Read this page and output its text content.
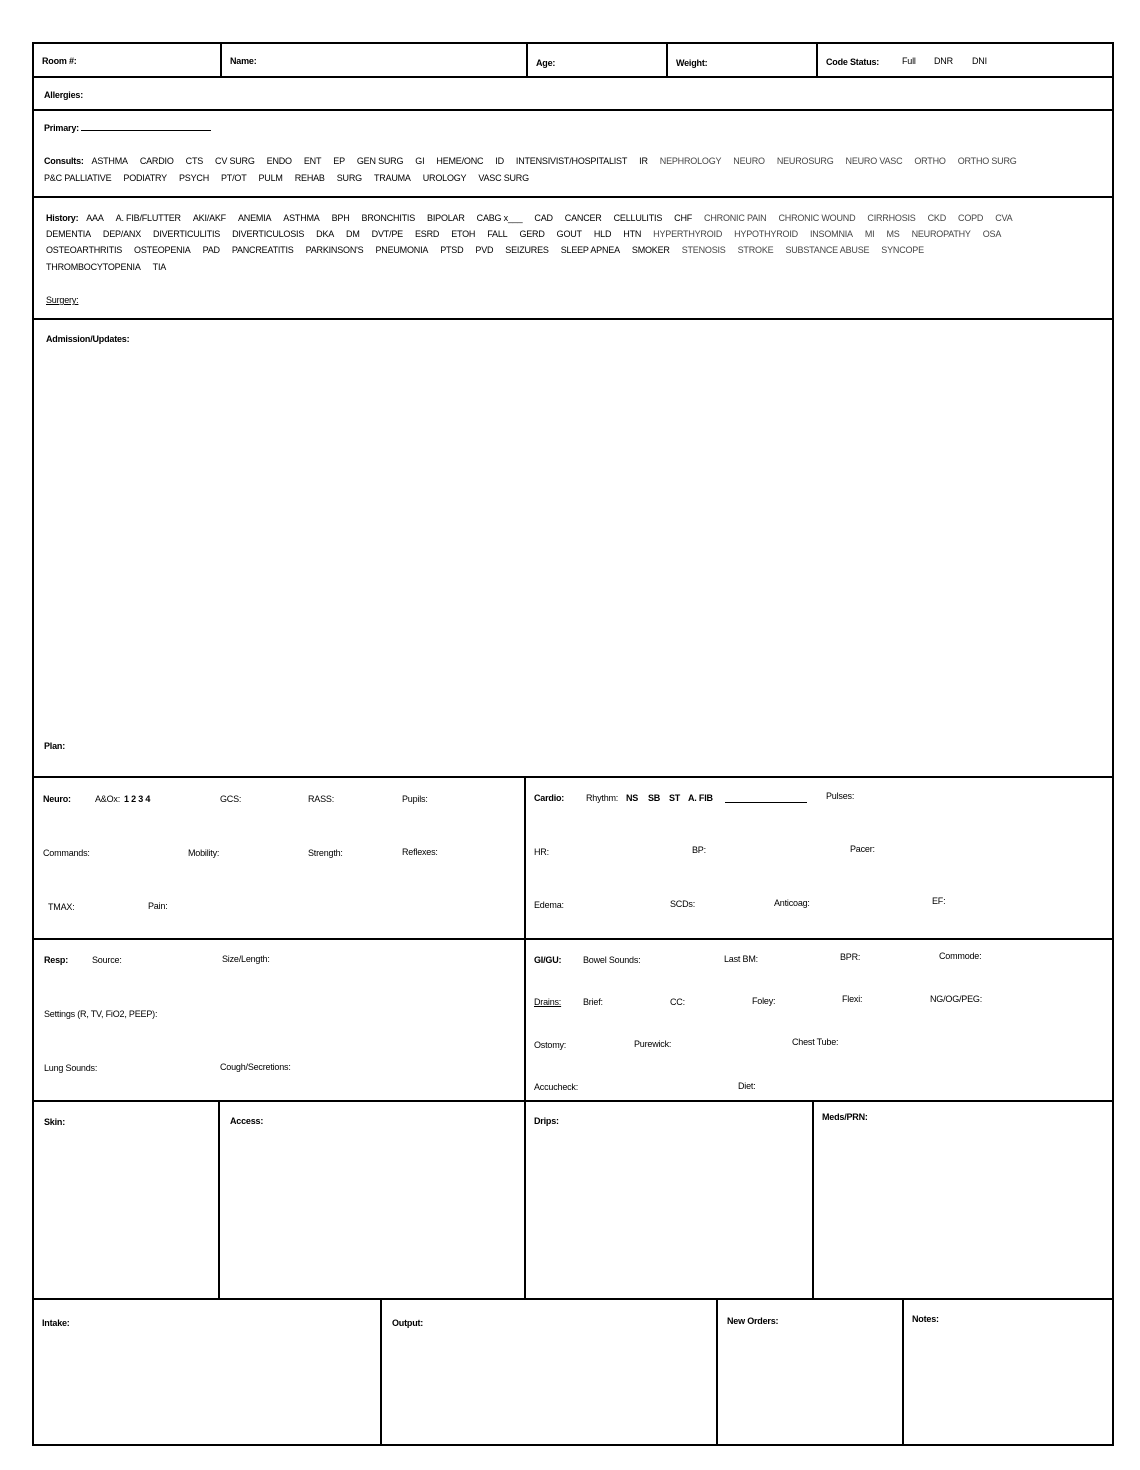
Room #:	Name:	Age:	Weight:	Code Status:	Full DNR DNI
Allergies:
Primary:
Consults: ASTHMA CARDIO CTS CV SURG ENDO ENT EP GEN SURG GI HEME/ONC ID INTENSIVIST/HOSPITALIST IR NEPHROLOGY NEURO NEUROSURG NEURO VASC ORTHO ORTHO SURG
P&C PALLIATIVE PODIATRY PSYCH PT/OT PULM REHAB SURG TRAUMA UROLOGY VASC SURG
History: AAA A. FIB/FLUTTER AKI/AKF ANEMIA ASTHMA BPH BRONCHITIS BIPOLAR CABG x___ CAD CANCER CELLULITIS CHF CHRONIC PAIN CHRONIC WOUND CIRRHOSIS CKD COPD CVA
DEMENTIA DEP/ANX DIVERTICULITIS DIVERTICULOSIS DKA DM DVT/PE ESRD ETOH FALL GERD GOUT HLD HTN HYPERTHYROID HYPOTHYROID INSOMNIA MI MS NEUROPATHY OSA
OSTEOARTHRITIS OSTEOPENIA PAD PANCREATITIS PARKINSON'S PNEUMONIA PTSD PVD SEIZURES SLEEP APNEA SMOKER STENOSIS STROKE SUBSTANCE ABUSE SYNCOPE
THROMBOCYTOPENIA TIA
Surgery:
Admission/Updates:
Plan:
Neuro:	A&Ox: 1 2 3 4	GCS:	RASS:	Pupils:
Commands:	Mobility:	Strength:	Reflexes:
TMAX:	Pain:
Cardio: Rhythm: NS SB ST A. FIB	Pulses:
HR:	BP:	Pacer:
Edema:	SCDs:	Anticoag:	EF:
Resp:	Source:	Size/Length:
Settings (R, TV, FiO2, PEEP):
Lung Sounds:	Cough/Secretions:
GI/GU: Bowel Sounds:	Last BM:	BPR:	Commode:
Drains: Brief:	CC:	Foley:	Flexi:	NG/OG/PEG:
Ostomy:	Purewick:	Chest Tube:
Accucheck:	Diet:
Skin:	Access:	Drips:	Meds/PRN:
Intake:	Output:	New Orders:	Notes:
